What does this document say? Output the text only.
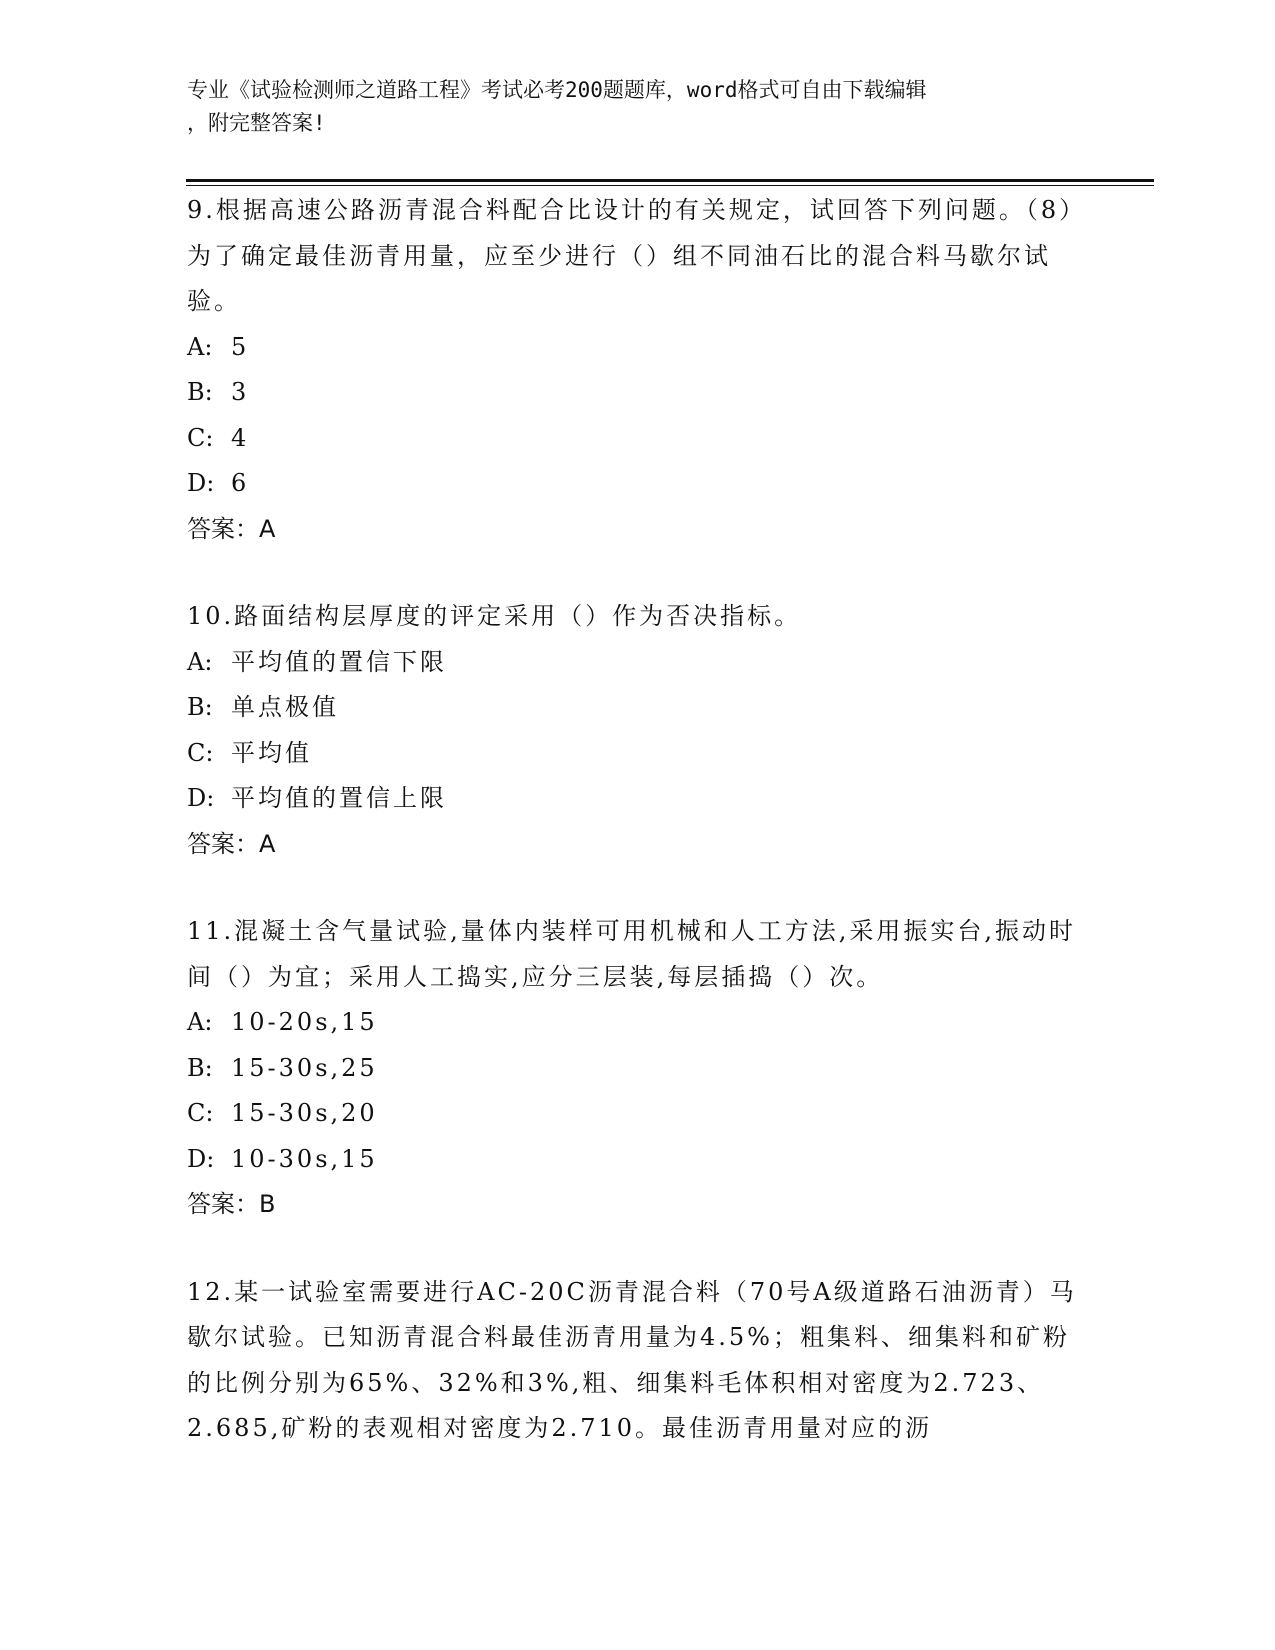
专业《试验检测师之道路工程》考试必考200题题库，word格式可自由下载编辑
，附完整答案!

9.根据高速公路沥青混合料配合比设计的有关规定，试回答下列问题。（8）为了确定最佳沥青用量，应至少进行（）组不同油石比的混合料马歇尔试验。

A: 5
B: 3
C: 4
D: 6
答案：A

10.路面结构层厚度的评定采用（）作为否决指标。

A: 平均值的置信下限
B: 单点极值
C: 平均值
D: 平均值的置信上限
答案：A

11.混凝土含气量试验,量体内装样可用机械和人工方法,采用振实台,振动时间（）为宜；采用人工捣实,应分三层装,每层插捣（）次。

A: 10-20s,15
B: 15-30s,25
C: 15-30s,20
D: 10-30s,15
答案：B

12.某一试验室需要进行AC-20C沥青混合料（70号A级道路石油沥青）马歇尔试验。已知沥青混合料最佳沥青用量为4.5%；粗集料、细集料和矿粉的比例分别为65%、32%和3%,粗、细集料毛体积相对密度为2.723、2.685,矿粉的表观相对密度为2.710。最佳沥青用量对应的沥
